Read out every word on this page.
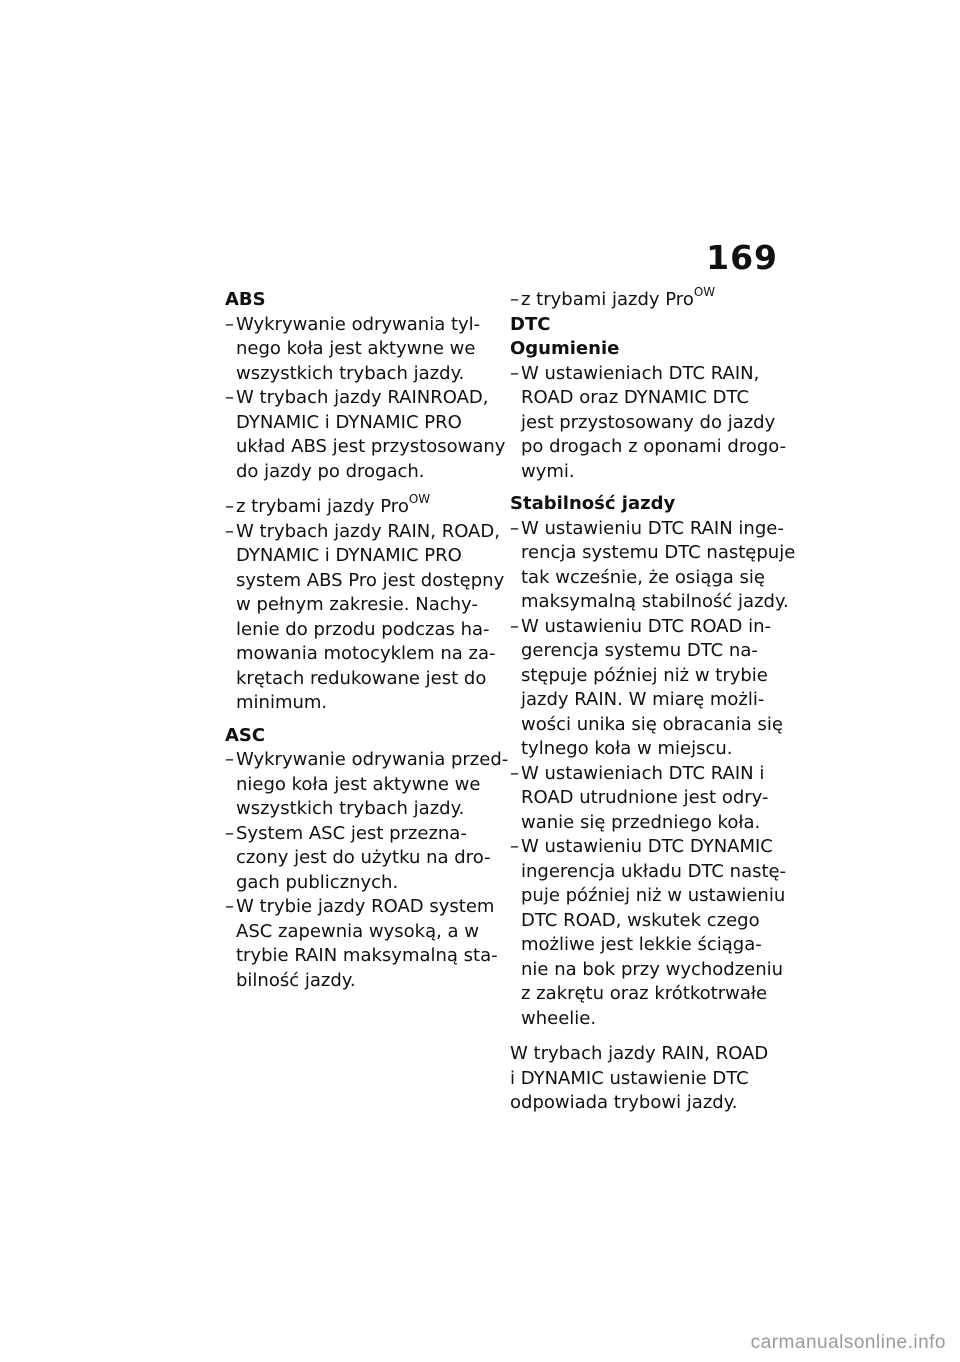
169

ABS

– Wykrywanie odrywania tyl-
nego koła jest aktywne we
wszystkich trybach jazdy.
– W trybach jazdy RAINROAD,
DYNAMIC i DYNAMIC PRO
układ ABS jest przystosowany
do jazdy po drogach.
– z trybami jazdy Pro$^{OW}$
– W trybach jazdy RAIN, ROAD,
DYNAMIC i DYNAMIC PRO
system ABS Pro jest dostępny
w pełnym zakresie. Nachy-
lenie do przodu podczas ha-
mowania motocyklem na za-
krętach redukowane jest do
minimum.

ASC

– Wykrywanie odrywania przed-
niego koła jest aktywne we
wszystkich trybach jazdy.
– System ASC jest przezna-
czony jest do użytku na dro-
gach publicznych.
– W trybie jazdy ROAD system
ASC zapewnia wysoką, a w
trybie RAIN maksymalną sta-
bilność jazdy.
– z trybami jazdy Pro$^{OW}$

DTC

Ogumienie

– W ustawieniach DTC RAIN,
ROAD oraz DYNAMIC DTC
jest przystosowany do jazdy
po drogach z oponami drogo-
wymi.

Stabilność jazdy

– W ustawieniu DTC RAIN inge-
rencja systemu DTC następuje
tak wcześnie, że osiąga się
maksymalną stabilność jazdy.
– W ustawieniu DTC ROAD in-
gerencja systemu DTC na-
stępuje później niż w trybie
jazdy RAIN. W miarę możli-
wości unika się obracania się
tylnego koła w miejscu.
– W ustawieniach DTC RAIN i
ROAD utrudnione jest odry-
wanie się przedniego koła.
– W ustawieniu DTC DYNAMIC
ingerencja układu DTC nastę-
puje później niż w ustawieniu
DTC ROAD, wskutek czego
możliwe jest lekkie ściąga-
nie na bok przy wychodzeniu
z zakrętu oraz krótkotrwałe
wheelie.
W trybach jazdy RAIN, ROAD
i DYNAMIC ustawienie DTC
odpowiada trybowi jazdy.
carmanualsonline.info
